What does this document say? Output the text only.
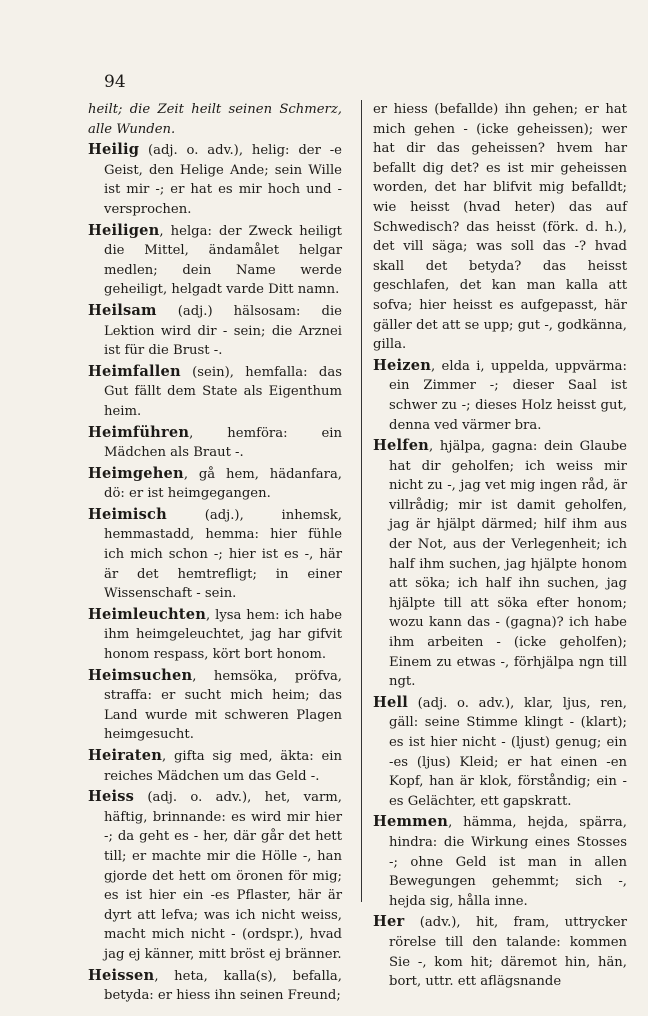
94

heilt; die Zeit heilt seinen Schmerz, alle Wunden.

Heilig (adj. o. adv.), helig: der -e Geist, den Helige Ande; sein Wille ist mir -; er hat es mir hoch und - versprochen.

Heiligen, helga: der Zweck heiligt die Mittel, ändamålet helgar medlen; dein Name werde geheiligt, helgadt varde Ditt namn.

Heilsam (adj.) hälsosam: die Lektion wird dir - sein; die Arznei ist für die Brust -.

Heimfallen (sein), hemfalla: das Gut fällt dem State als Eigenthum heim.

Heimführen, hemföra: ein Mädchen als Braut -.

Heimgehen, gå hem, hädanfara, dö: er ist heimgegangen.

Heimisch (adj.), inhemsk, hemmastadd, hemma: hier fühle ich mich schon -; hier ist es -, här är det hemtrefligt; in einer Wissenschaft - sein.

Heimleuchten, lysa hem: ich habe ihm heimgeleuchtet, jag har gifvit honom respass, kört bort honom.

Heimsuchen, hemsöka, pröfva, straffa: er sucht mich heim; das Land wurde mit schweren Plagen heimgesucht.

Heiraten, gifta sig med, äkta: ein reiches Mädchen um das Geld -.

Heiss (adj. o. adv.), het, varm, häftig, brinnande: es wird mir hier -; da geht es - her, där går det hett till; er machte mir die Hölle -, han gjorde det hett om öronen för mig; es ist hier ein -es Pflaster, här är dyrt att lefva; was ich nicht weiss, macht mich nicht - (ordspr.), hvad jag ej känner, mitt bröst ej bränner.

Heissen, heta, kalla(s), befalla, betyda: er hiess ihn seinen Freund;

er hiess (befallde) ihn gehen; er hat mich gehen - (icke geheissen); wer hat dir das geheissen? hvem har befallt dig det? es ist mir geheissen worden, det har blifvit mig befalldt; wie heisst (hvad heter) das auf Schwedisch? das heisst (förk. d. h.), det vill säga; was soll das -? hvad skall det betyda? das heisst geschlafen, det kan man kalla att sofva; hier heisst es aufgepasst, här gäller det att se upp; gut -, godkänna, gilla.

Heizen, elda i, uppelda, uppvärma: ein Zimmer -; dieser Saal ist schwer zu -; dieses Holz heisst gut, denna ved värmer bra.

Helfen, hjälpa, gagna: dein Glaube hat dir geholfen; ich weiss mir nicht zu -, jag vet mig ingen råd, är villrådig; mir ist damit geholfen, jag är hjälpt därmed; hilf ihm aus der Not, aus der Verlegenheit; ich half ihm suchen, jag hjälpte honom att söka; ich half ihn suchen, jag hjälpte till att söka efter honom; wozu kann das - (gagna)? ich habe ihm arbeiten - (icke geholfen); Einem zu etwas -, förhjälpa ngn till ngt.

Hell (adj. o. adv.), klar, ljus, ren, gäll: seine Stimme klingt - (klart); es ist hier nicht - (ljust) genug; ein -es (ljus) Kleid; er hat einen -en Kopf, han är klok, förståndig; ein -es Gelächter, ett gapskratt.

Hemmen, hämma, hejda, spärra, hindra: die Wirkung eines Stosses -; ohne Geld ist man in allen Bewegungen gehemmt; sich -, hejda sig, hålla inne.

Her (adv.), hit, fram, uttrycker rörelse till den talande: kommen Sie -, kom hit; däremot hin, hän, bort, uttr. ett aflägsnande
